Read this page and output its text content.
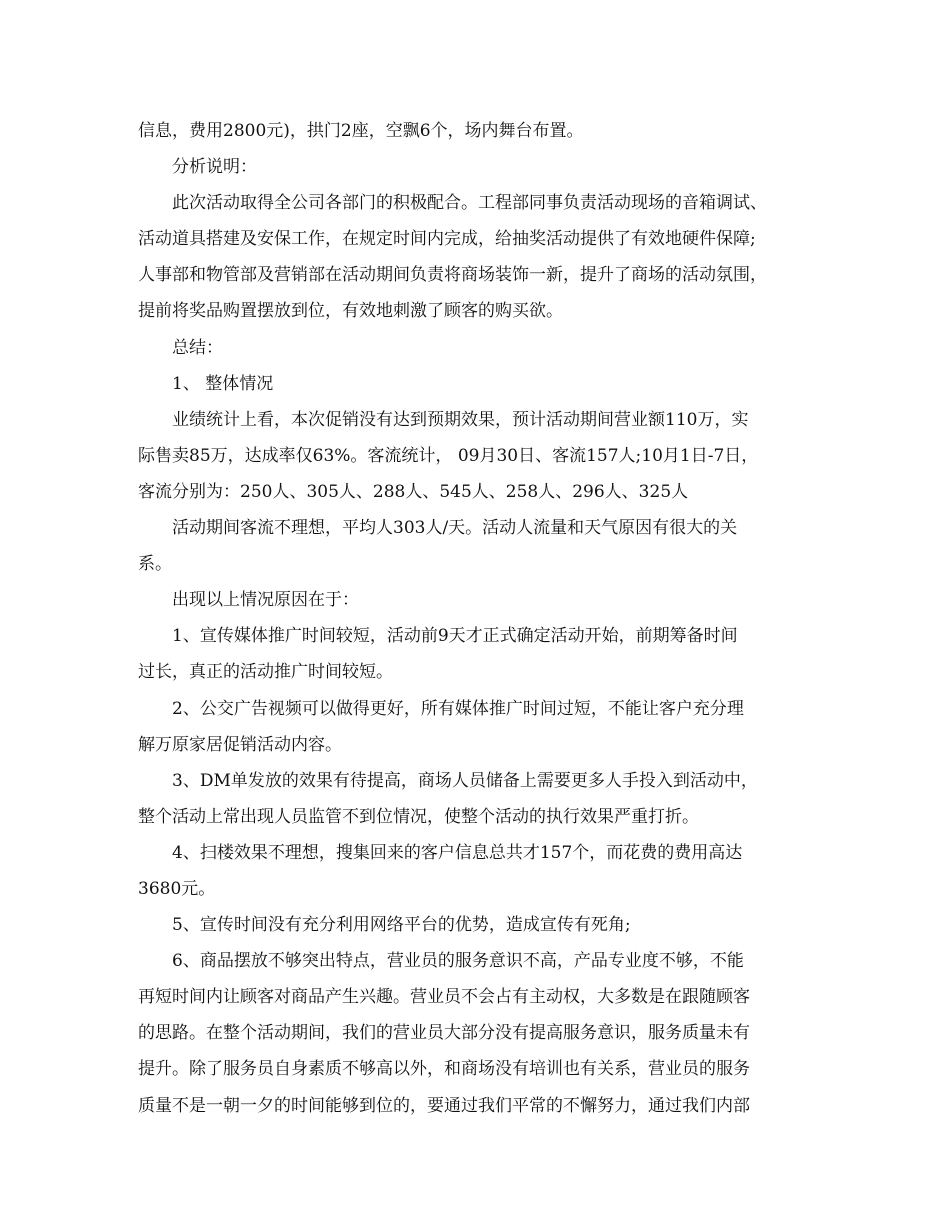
信息，费用2800元)，拱门2座，空飘6个，场内舞台布置。

分析说明：

此次活动取得全公司各部门的积极配合。工程部同事负责活动现场的音箱调试、
活动道具搭建及安保工作，在规定时间内完成，给抽奖活动提供了有效地硬件保障;
人事部和物管部及营销部在活动期间负责将商场装饰一新，提升了商场的活动氛围，
提前将奖品购置摆放到位，有效地刺激了顾客的购买欲。

总结：

1、 整体情况

业绩统计上看，本次促销没有达到预期效果，预计活动期间营业额110万，实
际售卖85万，达成率仅63%。客流统计， 09月30日、客流157人;10月1日-7日，
客流分别为：250人、305人、288人、545人、258人、296人、325人

活动期间客流不理想，平均人303人/天。活动人流量和天气原因有很大的关
系。

出现以上情况原因在于：

1、宣传媒体推广时间较短，活动前9天才正式确定活动开始，前期筹备时间
过长，真正的活动推广时间较短。

2、公交广告视频可以做得更好，所有媒体推广时间过短，不能让客户充分理
解万原家居促销活动内容。

3、DM单发放的效果有待提高，商场人员储备上需要更多人手投入到活动中，
整个活动上常出现人员监管不到位情况，使整个活动的执行效果严重打折。

4、扫楼效果不理想，搜集回来的客户信息总共才157个，而花费的费用高达
3680元。

5、宣传时间没有充分利用网络平台的优势，造成宣传有死角;

6、商品摆放不够突出特点，营业员的服务意识不高，产品专业度不够，不能
再短时间内让顾客对商品产生兴趣。营业员不会占有主动权，大多数是在跟随顾客
的思路。在整个活动期间，我们的营业员大部分没有提高服务意识，服务质量未有
提升。除了服务员自身素质不够高以外，和商场没有培训也有关系，营业员的服务
质量不是一朝一夕的时间能够到位的，要通过我们平常的不懈努力，通过我们内部
